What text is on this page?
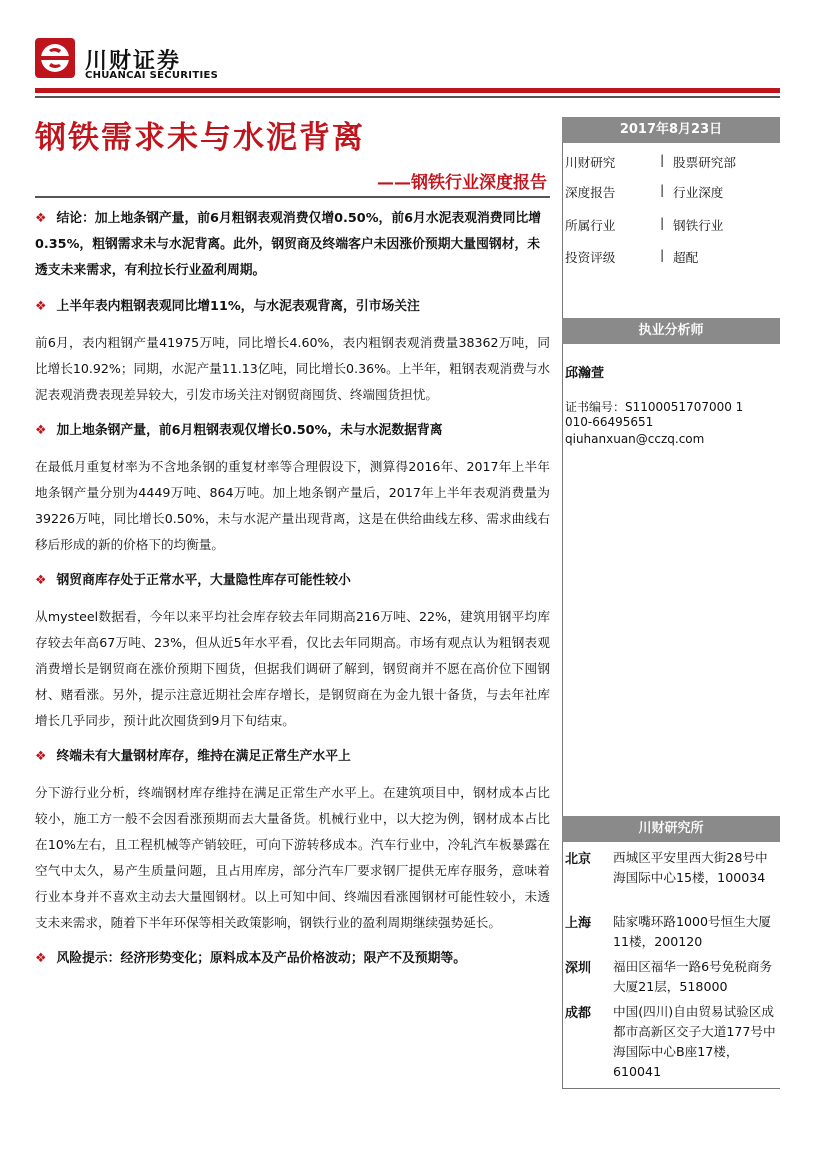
川财证券
CHUANCAI SECURITIES
钢铁需求未与水泥背离
——钢铁行业深度报告

❖ 结论：加上地条钢产量，前6月粗钢表观消费仅增0.50%，前6月水泥表观消费同比增0.35%，粗钢需求未与水泥背离。此外，钢贸商及终端客户未因涨价预期大量囤钢材，未透支未来需求，有利拉长行业盈利周期。

❖ 上半年表内粗钢表观同比增11%，与水泥表观背离，引市场关注

前6月，表内粗钢产量41975万吨，同比增长4.60%，表内粗钢表观消费量38362万吨，同比增长10.92%；同期，水泥产量11.13亿吨，同比增长0.36%。上半年，粗钢表观消费与水泥表观消费表现差异较大，引发市场关注对钢贸商囤货、终端囤货担忧。

❖ 加上地条钢产量，前6月粗钢表观仅增长0.50%，未与水泥数据背离

在最低月重复材率为不含地条钢的重复材率等合理假设下，测算得2016年、2017年上半年地条钢产量分别为4449万吨、864万吨。加上地条钢产量后，2017年上半年表观消费量为39226万吨，同比增长0.50%，未与水泥产量出现背离，这是在供给曲线左移、需求曲线右移后形成的新的价格下的均衡量。

❖ 钢贸商库存处于正常水平，大量隐性库存可能性较小

从mysteel数据看，今年以来平均社会库存较去年同期高216万吨、22%，建筑用钢平均库存较去年高67万吨、23%，但从近5年水平看，仅比去年同期高。市场有观点认为粗钢表观消费增长是钢贸商在涨价预期下囤货，但据我们调研了解到，钢贸商并不愿在高价位下囤钢材、赌看涨。另外，提示注意近期社会库存增长，是钢贸商在为金九银十备货，与去年社库增长几乎同步，预计此次囤货到9月下旬结束。

❖ 终端未有大量钢材库存，维持在满足正常生产水平上

分下游行业分析，终端钢材库存维持在满足正常生产水平上。在建筑项目中，钢材成本占比较小，施工方一般不会因看涨预期而去大量备货。机械行业中，以大挖为例，钢材成本占比在10%左右，且工程机械等产销较旺，可向下游转移成本。汽车行业中，冷轧汽车板暴露在空气中太久，易产生质量问题，且占用库房，部分汽车厂要求钢厂提供无库存服务，意味着行业本身并不喜欢主动去大量囤钢材。以上可知中间、终端因看涨囤钢材可能性较小，未透支未来需求，随着下半年环保等相关政策影响，钢铁行业的盈利周期继续强势延长。

❖ 风险提示：经济形势变化；原料成本及产品价格波动；限产不及预期等。

2017年8月23日
川财研究	| 股票研究部
深度报告	| 行业深度
所属行业	| 钢铁行业
投资评级	| 超配
执业分析师
邱瀚萱
证书编号：S1100051707000 1
010-66495651
qiuhanxuan@cczq.com
川财研究所
北京 西城区平安里西大街28号中海国际中心15楼，100034
上海 陆家嘴环路1000号恒生大厦11楼，200120
深圳 福田区福华一路6号免税商务大厦21层，518000
成都 中国(四川)自由贸易试验区成都市高新区交子大道177号中海国际中心B座17楼，610041
